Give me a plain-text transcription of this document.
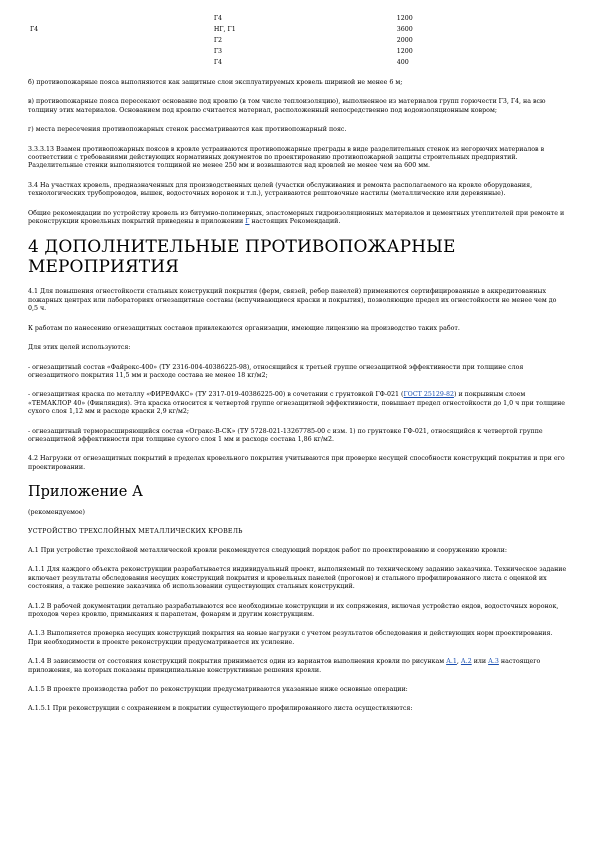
	Г4	1200
Г4	НГ, Г1	3600
	Г2	2000
	Г3	1200
	Г4	400

б) противопожарные пояса выполняются как защитные слои эксплуатируемых кровель шириной не менее 6 м;

в) противопожарные пояса пересекают основание под кровлю (в том числе теплоизоляцию), выполненное из материалов групп горючести Г3, Г4, на всю толщину этих материалов. Основанием под кровлю считается материал, расположенный непосредственно под водоизоляционным ковром;

г) места пересечения противопожарных стенок рассматриваются как противопожарный пояс.

3.3.3.13 Взамен противопожарных поясов в кровле устраиваются противопожарные преграды в виде разделительных стенок из негорючих материалов в соответствии с требованиями действующих нормативных документов по проектированию противопожарной защиты строительных предприятий. Разделительные стенки выполняются толщиной не менее 250 мм и возвышаются над кровлей не менее чем на 600 мм.

3.4 На участках кровель, предназначенных для производственных целей (участки обслуживания и ремонта располагаемого на кровле оборудования, технологических трубопроводов, вышек, водосточных воронок и т.п.), устраиваются рештовочные настилы (металлические или деревянные).

Общие рекомендации по устройству кровель из битумно-полимерных, эластомерных гидроизоляционных материалов и цементных утеплителей при ремонте и реконструкции кровельных покрытий приведены в приложении Г настоящих Рекомендаций.

4 ДОПОЛНИТЕЛЬНЫЕ ПРОТИВОПОЖАРНЫЕ МЕРОПРИЯТИЯ

4.1 Для повышения огнестойкости стальных конструкций покрытия (ферм, связей, ребер панелей) применяются сертифицированные в аккредитованных пожарных центрах или лабораториях огнезащитные составы (вспучивающиеся краски и покрытия), позволяющие предел их огнестойкости не менее чем до 0,5 ч.

К работам по нанесению огнезащитных составов привлекаются организации, имеющие лицензию на производство таких работ.

Для этих целей используются:

- огнезащитный состав «Файрекс-400» (ТУ 2316-004-40386225-98), относящийся к третьей группе огнезащитной эффективности при толщине слоя огнезащитного покрытия 11,5 мм и расходе состава не менее 18 кг/м2;

- огнезащитная краска по металлу «ФИРЕФАКС» (ТУ 2317-019-40386225-00) в сочетании с грунтовкой ГФ-021 (ГОСТ 25129-82) и покрывным слоем «ТЕМАКЛОР 40» (Финляндия). Эта краска относится к четвертой группе огнезащитной эффективности, повышает предел огнестойкости до 1,0 ч при толщине сухого слоя 1,12 мм и расходе краски 2,9 кг/м2;

- огнезащитный терморасширяющийся состав «Огракс-В-СК» (ТУ 5728-021-13267785-00 с изм. 1) по грунтовке ГФ-021, относящийся к четвертой группе огнезащитной эффективности при толщине сухого слоя 1 мм и расходе состава 1,86 кг/м2.

4.2 Нагрузки от огнезащитных покрытий в пределах кровельного покрытия учитываются при проверке несущей способности конструкций покрытия и при его проектировании.

Приложение А

(рекомендуемое)

УСТРОЙСТВО ТРЕХСЛОЙНЫХ МЕТАЛЛИЧЕСКИХ КРОВЕЛЬ

А.1 При устройстве трехслойной металлической кровли рекомендуется следующий порядок работ по проектированию и сооружению кровли:

А.1.1 Для каждого объекта реконструкции разрабатывается индивидуальный проект, выполняемый по техническому заданию заказчика. Техническое задание включает результаты обследования несущих конструкций покрытия и кровельных панелей (прогонов) и стального профилированного листа с оценкой их состояния, а также решение заказчика об использовании существующих стальных конструкций.

А.1.2 В рабочей документации детально разрабатываются все необходимые конструкции и их сопряжения, включая устройство ендов, водосточных воронок, проходов через кровлю, примыкания к парапетам, фонарям и другим конструкциям.

А.1.3 Выполняется проверка несущих конструкций покрытия на новые нагрузки с учетом результатов обследования и действующих норм проектирования. При необходимости в проекте реконструкции предусматривается их усиление.

А.1.4 В зависимости от состояния конструкций покрытия принимается один из вариантов выполнения кровли по рисункам А.1, А.2 или А.3 настоящего приложения, на которых показаны принципиальные конструктивные решения кровли.

А.1.5 В проекте производства работ по реконструкции предусматриваются указанные ниже основные операции:

А.1.5.1 При реконструкции с сохранением в покрытии существующего профилированного листа осуществляются:
